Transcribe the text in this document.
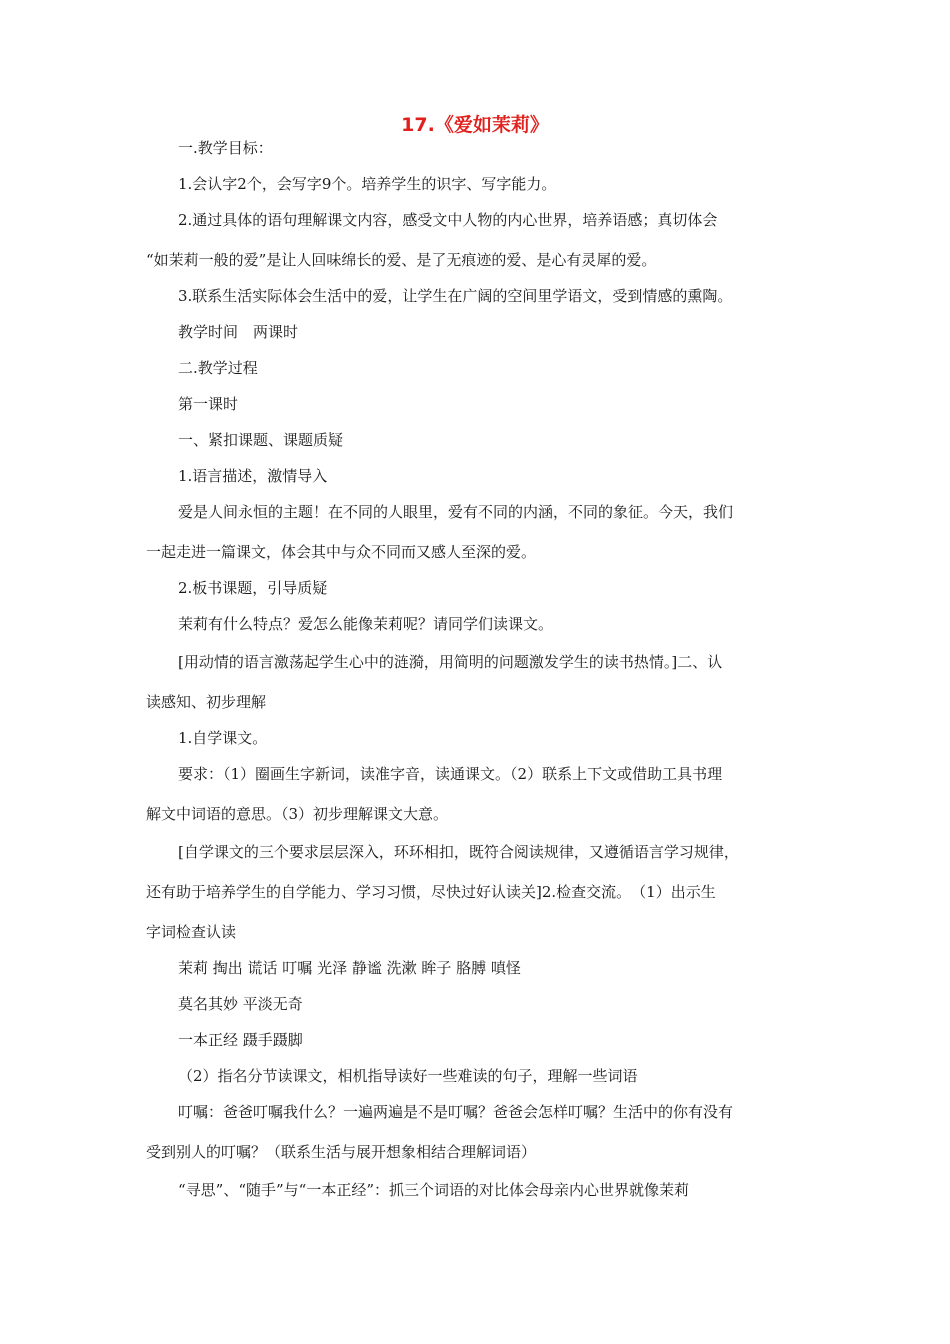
17.《爱如茉莉》
一.教学目标：
1.会认字2个，会写字9个。培养学生的识字、写字能力。
2.通过具体的语句理解课文内容，感受文中人物的内心世界，培养语感；真切体会
“如茉莉一般的爱”是让人回味绵长的爱、是了无痕迹的爱、是心有灵犀的爱。
3.联系生活实际体会生活中的爱，让学生在广阔的空间里学语文，受到情感的熏陶。
教学时间　两课时
二.教学过程
第一课时
一、紧扣课题、课题质疑
1.语言描述，激情导入
爱是人间永恒的主题！在不同的人眼里，爱有不同的内涵，不同的象征。今天，我们
一起走进一篇课文，体会其中与众不同而又感人至深的爱。
2.板书课题，引导质疑
茉莉有什么特点？爱怎么能像茉莉呢？请同学们读课文。
[用动情的语言激荡起学生心中的涟漪，用简明的问题激发学生的读书热情。]二、认
读感知、初步理解
1.自学课文。
要求：（1）圈画生字新词，读准字音，读通课文。（2）联系上下文或借助工具书理
解文中词语的意思。（3）初步理解课文大意。
[自学课文的三个要求层层深入，环环相扣，既符合阅读规律，又遵循语言学习规律，
还有助于培养学生的自学能力、学习习惯，尽快过好认读关]2.检查交流。　（1）出示生
字词检查认读
茉莉 掏出 谎话 叮嘱 光泽 静谧 洗漱 眸子 胳膊 嗔怪
莫名其妙 平淡无奇
一本正经 蹑手蹑脚
（2）指名分节读课文，相机指导读好一些难读的句子，理解一些词语
叮嘱：爸爸叮嘱我什么？一遍两遍是不是叮嘱？爸爸会怎样叮嘱？生活中的你有没有
受到别人的叮嘱？（联系生活与展开想象相结合理解词语）
“寻思”、“随手”与“一本正经”：抓三个词语的对比体会母亲内心世界就像茉莉
